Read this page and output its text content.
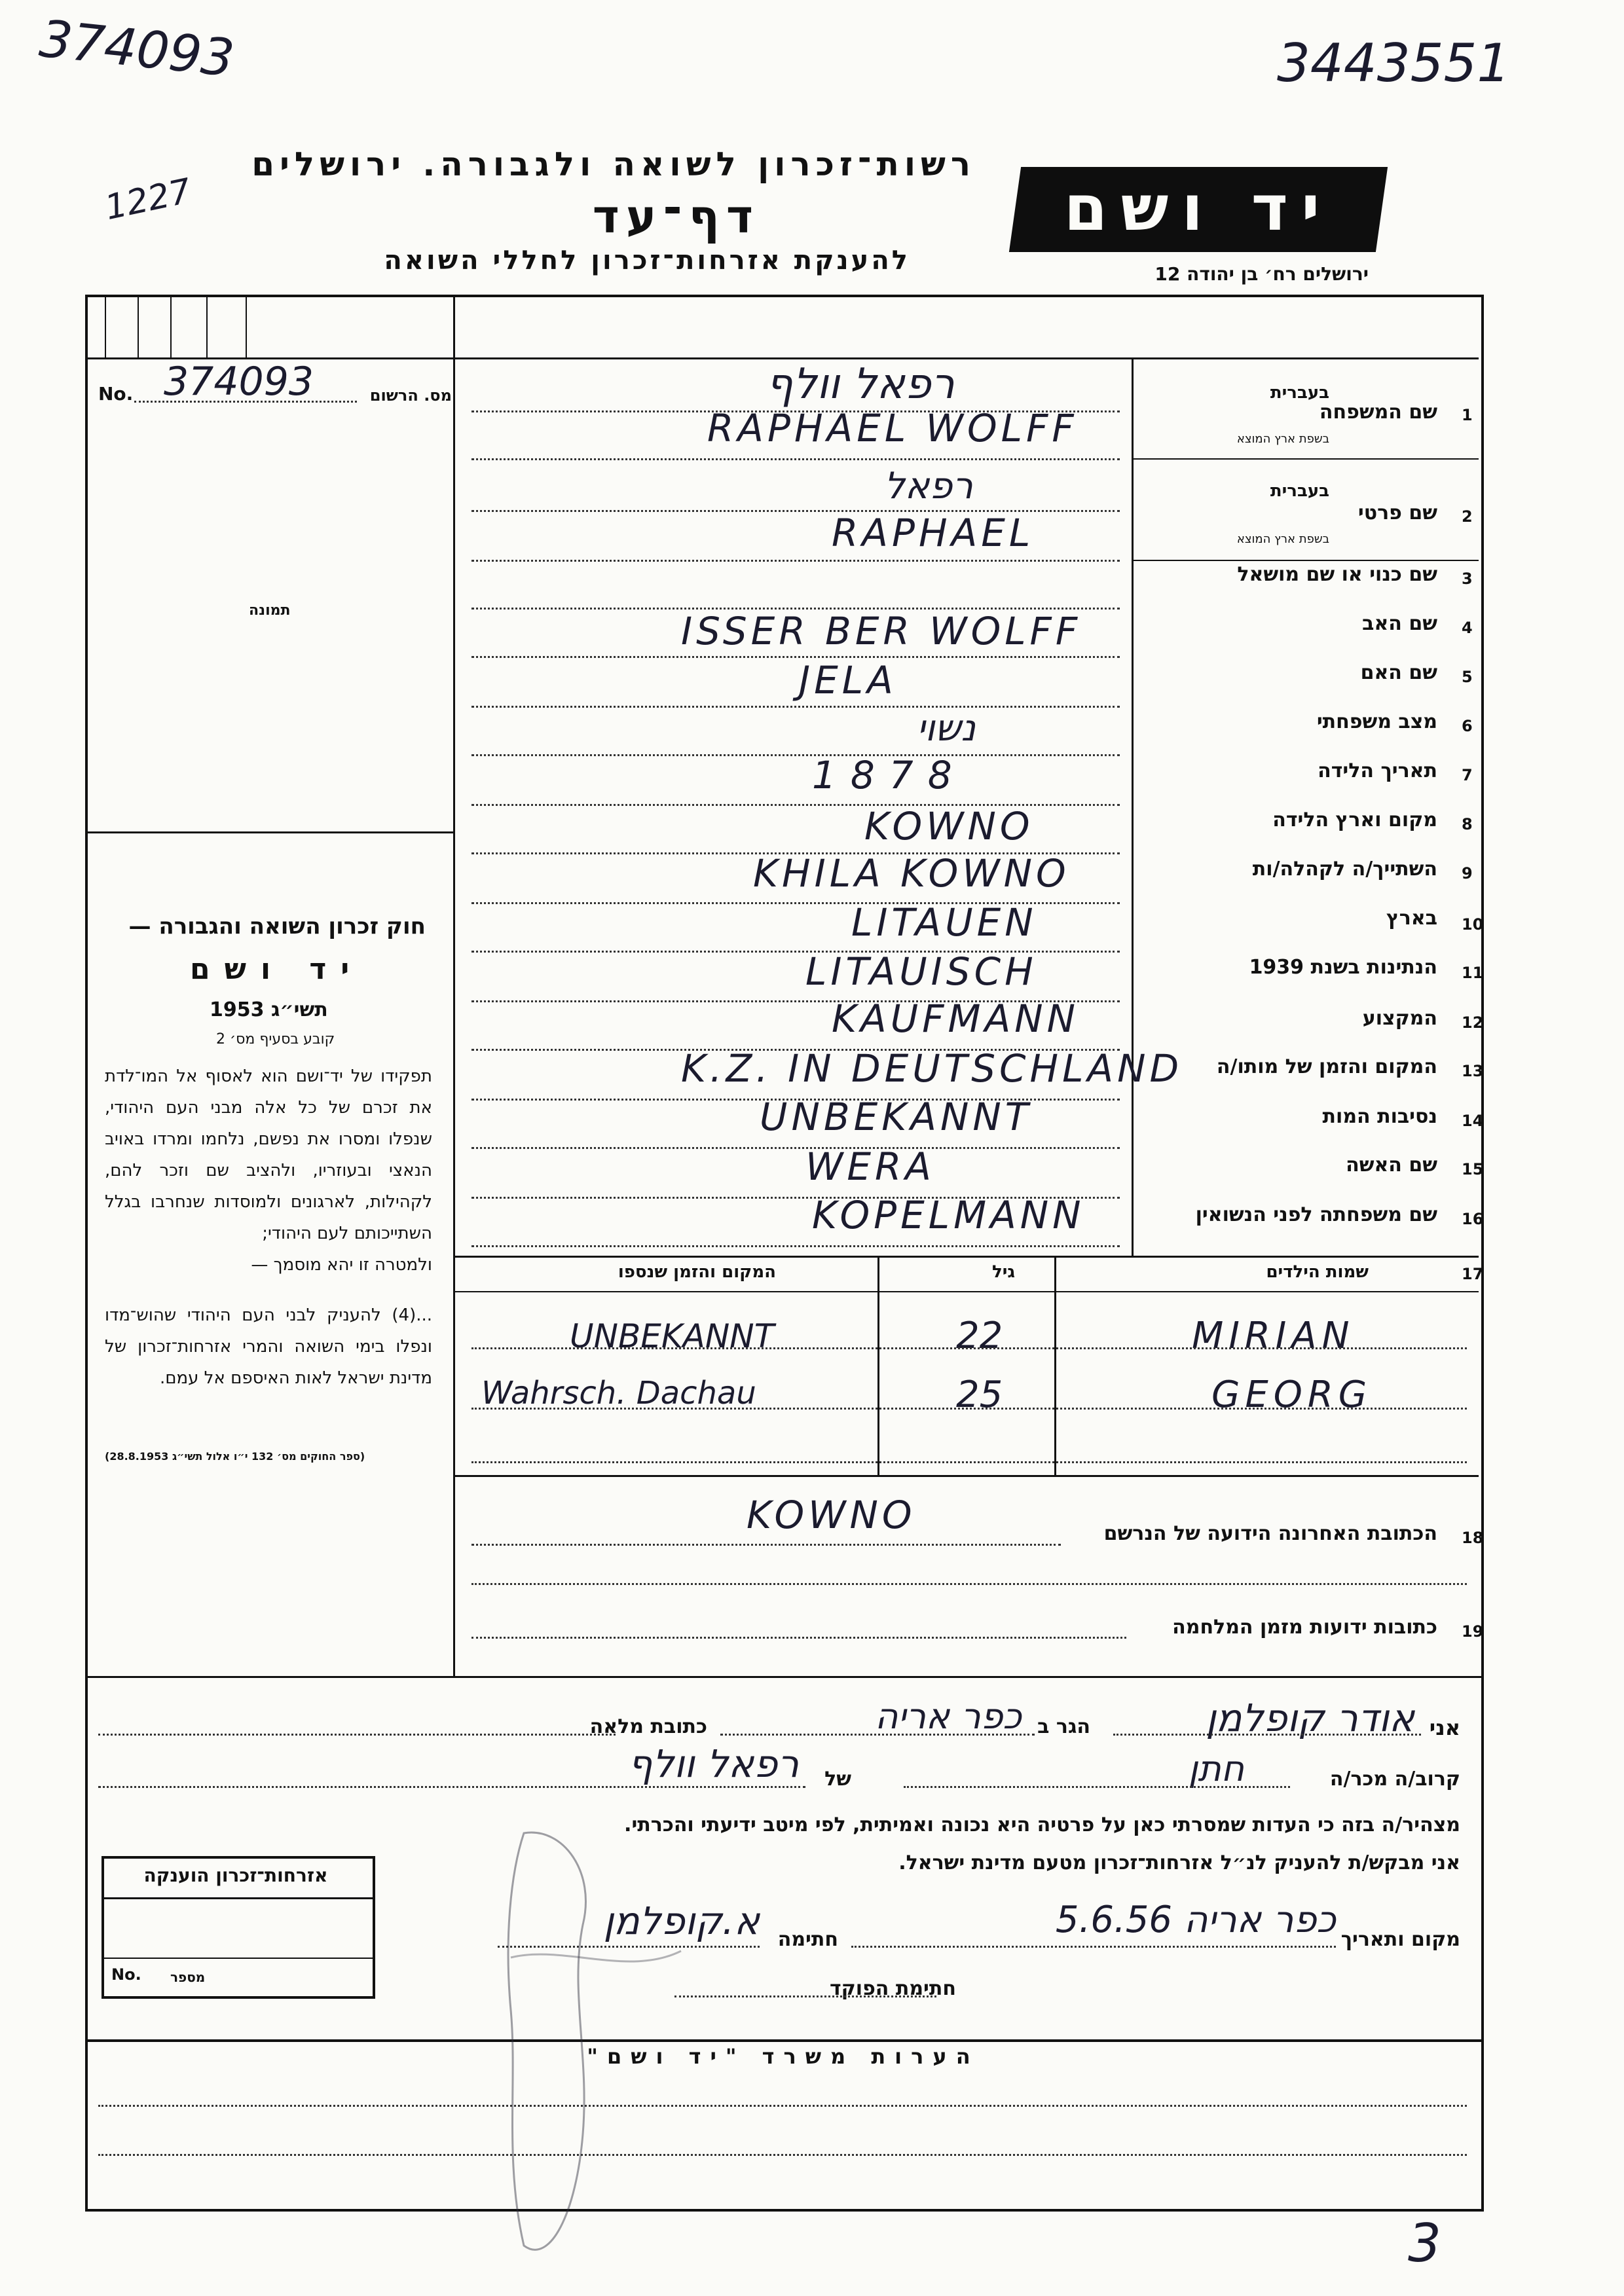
374093	3443551
1227
3
רשות־זכרון לשואה ולגבורה. ירושלים
דף־עד
להענקת אזרחות־זכרון לחללי השואה
יד ושם
ירושלים רח׳ בן יהודה 12
No. 374093	מס. הרשום
תמונה
חוק זכרון השואה והגבורה —
יד ושם
תשי״ג 1953
קובע בסעיף מס׳ 2
תפקידו של יד־ושם הוא לאסוף אל המו־לדת את זכרם של כל אלה מבני העם היהודי, שנפלו ומסרו את נפשם, נלחמו ומרדו באויב הנאצי ובעוזריו, ולהציב שם וזכר להם, לקהילות, לארגונים ולמוסדות שנחרבו בגלל השתייכותם לעם היהודי;
ולמטרה זו יהא מוסמך —
...(4) להעניק לבני העם היהודי שהוש־מדו ונפלו בימי השואה והמרי אזרחות־זכרון של מדינת ישראל לאות האיספם אל עמם.
(ספר החוקים מס׳ 132 י״ו אלול תשי״ג 28.8.1953)
1
שם המשפחה
בעברית
בשפת ארץ המוצא
רפאל וולף
RAPHAEL WOLFF
2
שם פרטי
בעברית
בשפת ארץ המוצא
רפאל
RAPHAEL
3
שם כנוי או שם מושאל
4
שם האב
ISSER BER WOLFF
5
שם האם
JELA
6
מצב משפחתי
נשוי
7
תאריך הלידה
1878
8
מקום וארץ הלידה
KOWNO
9
השתייך/ה לקהלה/ות
KHILA KOWNO
10
בארץ
LITAUEN
11
הנתינות בשנת 1939
LITAUISCH
12
המקצוע
KAUFMANN
13
המקום והזמן של מותו/ה
K.Z. IN DEUTSCHLAND
14
נסיבות המות
UNBEKANNT
15
שם האשה
WERA
16
שם משפחתה לפני הנשואין
KOPELMANN
17
שמות הילדים
גיל
המקום והזמן שנספו
MIRIAN
22
UNBEKANNT
GEORG
25
Wahrsch. Dachau
18
הכתובת האחרונה הידועה של הנרשם
KOWNO
19
כתובות ידועות מזמן המלחמה
אני
אודר קופלמן
הגר ב
כפר אריה
כתובת מלאה
קרוב/ה מכר/ה
חתן
של
רפאל וולף
מצהיר/ה בזה כי העדות שמסרתי כאן על פרטיה היא נכונה ואמיתית, לפי מיטב ידיעתי והכרתי.
אני מבקש/ת להעניק לנ״ל אזרחות־זכרון מטעם מדינת ישראל.
מקום ותאריך
כפר אריה 5.6.56
חתימה
א.קופלמן
חתימת הפוקד
אזרחות־זכרון הוענקה
מספר
No.
הערות משרד "יד ושם"
